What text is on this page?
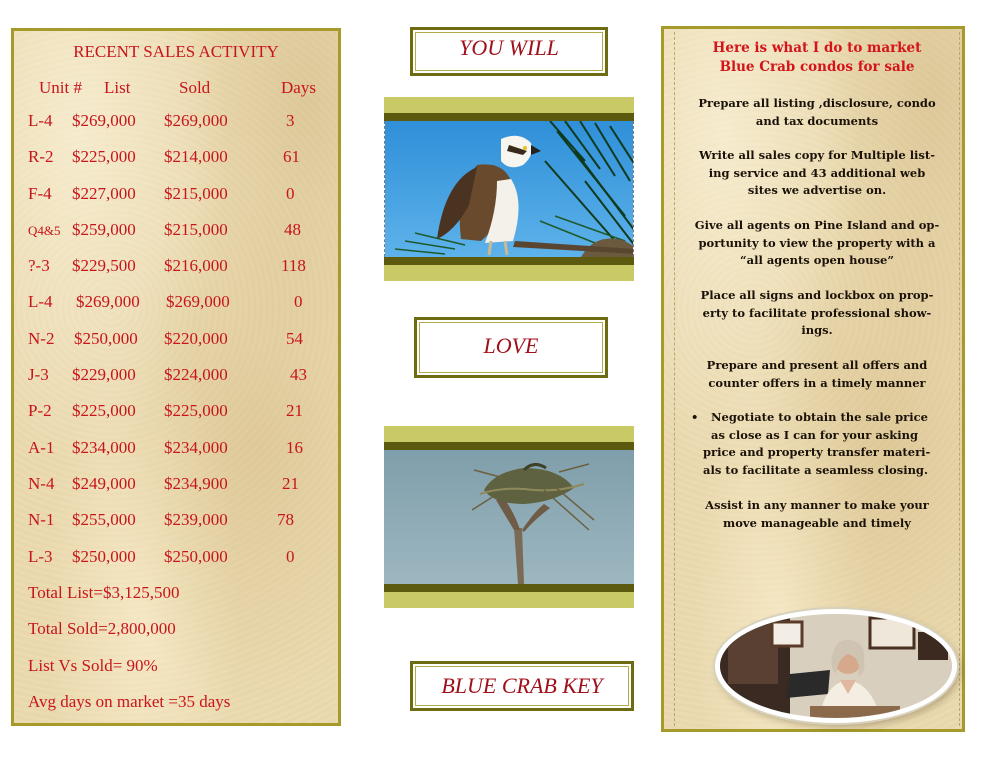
RECENT SALES ACTIVITY
Unit # List	Sold	Days
L-4 $269,000 $269,000	3
R-2 $225,000 $214,000	61
F-4 $227,000 $215,000	0
Q4&5 $259,000 $215,000	48
?-3 $229,500 $216,000	118
L-4 $269,000 $269,000	0
N-2 $250,000 $220,000	54
J-3 $229,000 $224,000	43
P-2 $225,000 $225,000	21
A-1 $234,000 $234,000	16
N-4 $249,000 $234,900	21
N-1 $255,000 $239,000	78
L-3 $250,000 $250,000	0
Total List=$3,125,500
Total Sold=2,800,000
List Vs Sold= 90%
Avg days on market =35 days
YOU WILL
LOVE
BLUE CRAB KEY
Here is what I do to market
Blue Crab condos for sale
Prepare all listing ,disclosure, condo
and tax documents
Write all sales copy for Multiple list-
ing service and 43 additional web
sites we advertise on.
Give all agents on Pine Island and op-
portunity to view the property with a
“all agents open house”
Place all signs and lockbox on prop-
erty to facilitate professional show-
ings.
Prepare and present all offers and
counter offers in a timely manner
•	Negotiate to obtain the sale price
as close as I can for your asking
price and property transfer materi-
als to facilitate a seamless closing.
Assist in any manner to make your
move manageable and timely
